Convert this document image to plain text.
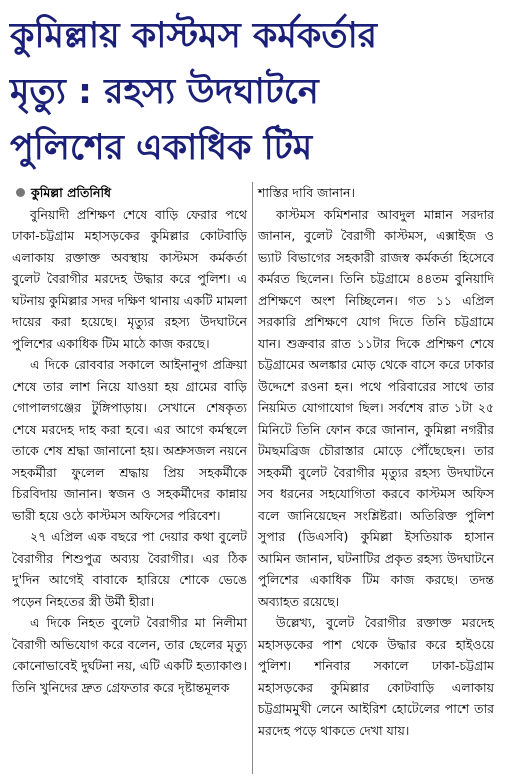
কুমিল্লায় কাস্টমস কর্মকর্তার
মৃত্যু : রহস্য উদঘাটনে
পুলিশের একাধিক টিম
কুমিল্লা প্রতিনিধি

বুনিয়াদী প্রশিক্ষণ শেষে বাড়ি ফেরার পথে ঢাকা-চট্টগ্রাম মহাসড়কের কুমিল্লার কোটবাড়ি এলাকায় রক্তাক্ত অবস্থায় কাস্টমস কর্মকর্তা বুলেট বৈরাগীর মরদেহ উদ্ধার করে পুলিশ। এ ঘটনায় কুমিল্লার সদর দক্ষিণ থানায় একটি মামলা দায়ের করা হয়েছে। মৃত্যুর রহস্য উদঘাটনে পুলিশের একাধিক টিম মাঠে কাজ করছে।

এ দিকে রোববার সকালে আইনানুগ প্রক্রিয়া শেষে তার লাশ নিয়ে যাওয়া হয় গ্রামের বাড়ি গোপালগঞ্জের টুঙ্গিপাড়ায়। সেখানে শেষকৃত্য শেষে মরদেহ দাহ করা হবে। এর আগে কর্মস্থলে তাকে শেষ শ্রদ্ধা জানানো হয়। অশ্রুসজল নয়নে সহকর্মীরা ফুলেল শ্রদ্ধায় প্রিয় সহকর্মীকে চিরবিদায় জানান। স্বজন ও সহকর্মীদের কান্নায় ভারী হয়ে ওঠে কাস্টমস অফিসের পরিবেশ।

২৭ এপ্রিল এক বছরে পা দেয়ার কথা বুলেট বৈরাগীর শিশুপুত্র অব্যয় বৈরাগীর। এর ঠিক দু'দিন আগেই বাবাকে হারিয়ে শোকে ভেঙে পড়েন নিহতের স্ত্রী উর্মী হীরা।

এ দিকে নিহত বুলেট বৈরাগীর মা নিলীমা বৈরাগী অভিযোগ করে বলেন, তার ছেলের মৃত্যু কোনোভাবেই দুর্ঘটনা নয়, এটি একটি হত্যাকাণ্ড। তিনি খুনিদের দ্রুত গ্রেফতার করে দৃষ্টান্তমূলক

শাস্তির দাবি জানান।

কাস্টমস কমিশনার আবদুল মান্নান সরদার জানান, বুলেট বৈরাগী কাস্টমস, এক্সাইজ ও ভ্যাট বিভাগের সহকারী রাজস্ব কর্মকর্তা হিসেবে কর্মরত ছিলেন। তিনি চট্টগ্রামে ৪৪তম বুনিয়াদি প্রশিক্ষণে অংশ নিচ্ছিলেন। গত ১১ এপ্রিল সরকারি প্রশিক্ষণে যোগ দিতে তিনি চট্টগ্রামে যান। শুক্রবার রাত ১১টার দিকে প্রশিক্ষণ শেষে চট্টগ্রামের অলঙ্কার মোড় থেকে বাসে করে ঢাকার উদ্দেশে রওনা হন। পথে পরিবারের সাথে তার নিয়মিত যোগাযোগ ছিল। সর্বশেষ রাত ১টা ২৫ মিনিটে তিনি ফোন করে জানান, কুমিল্লা নগরীর টমছমব্রিজ চৌরাস্তার মোড়ে পৌঁছেছেন। তার সহকর্মী বুলেট বৈরাগীর মৃত্যুর রহস্য উদঘাটনে সব ধরনের সহযোগিতা করবে কাস্টমস অফিস বলে জানিয়েছেন সংশ্লিষ্টরা। অতিরিক্ত পুলিশ সুপার (ডিএসবি) কুমিল্লা ইসতিয়াক হাসান আমিন জানান, ঘটনাটির প্রকৃত রহস্য উদঘাটনে পুলিশের একাধিক টিম কাজ করছে। তদন্ত অব্যাহত রয়েছে।

উল্লেখ্য, বুলেট বৈরাগীর রক্তাক্ত মরদেহ মহাসড়কের পাশ থেকে উদ্ধার করে হাইওয়ে পুলিশ। শনিবার সকালে ঢাকা-চট্টগ্রাম মহাসড়কের কুমিল্লার কোটবাড়ি এলাকায় চট্টগ্রামমুখী লেনে আইরিশ হোটেলের পাশে তার মরদেহ পড়ে থাকতে দেখা যায়।
